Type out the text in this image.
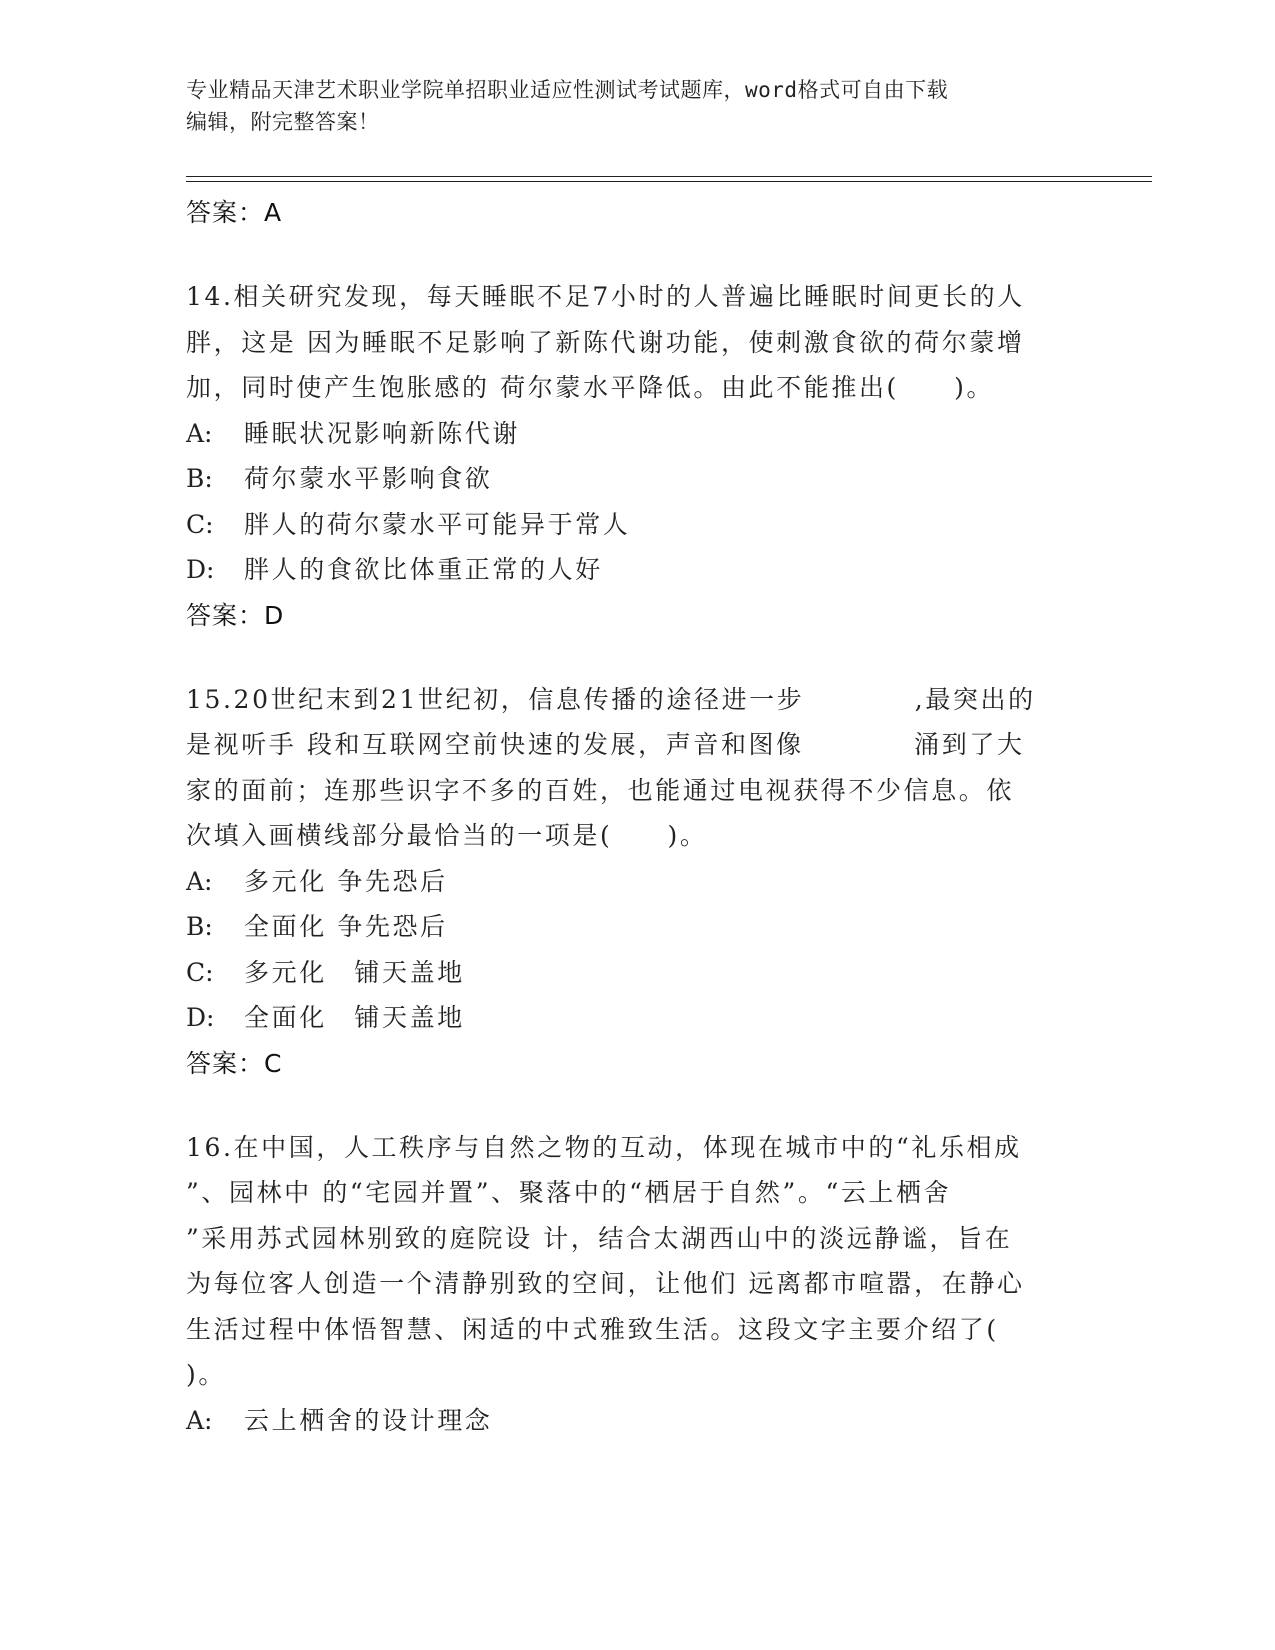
专业精品天津艺术职业学院单招职业适应性测试考试题库，word格式可自由下载
编辑，附完整答案！
答案：A
14.相关研究发现，每天睡眠不足7小时的人普遍比睡眠时间更长的人
胖，这是 因为睡眠不足影响了新陈代谢功能，使刺激食欲的荷尔蒙增
加，同时使产生饱胀感的 荷尔蒙水平降低。由此不能推出(　　)。
A: 睡眠状况影响新陈代谢
B: 荷尔蒙水平影响食欲
C: 胖人的荷尔蒙水平可能异于常人
D: 胖人的食欲比体重正常的人好
答案：D
15.20世纪末到21世纪初，信息传播的途径进一步　　　　,最突出的
是视听手 段和互联网空前快速的发展，声音和图像　　　　涌到了大
家的面前；连那些识字不多的百姓，也能通过电视获得不少信息。依
次填入画横线部分最恰当的一项是(　　)。
A: 多元化 争先恐后
B: 全面化 争先恐后
C: 多元化　铺天盖地
D: 全面化　铺天盖地
答案：C
16.在中国，人工秩序与自然之物的互动，体现在城市中的“礼乐相成
”、园林中 的“宅园并置”、聚落中的“栖居于自然”。“云上栖舍
”采用苏式园林别致的庭院设 计，结合太湖西山中的淡远静谧，旨在
为每位客人创造一个清静别致的空间，让他们 远离都市喧嚣，在静心
生活过程中体悟智慧、闲适的中式雅致生活。这段文字主要介绍了(
)。
A: 云上栖舍的设计理念
